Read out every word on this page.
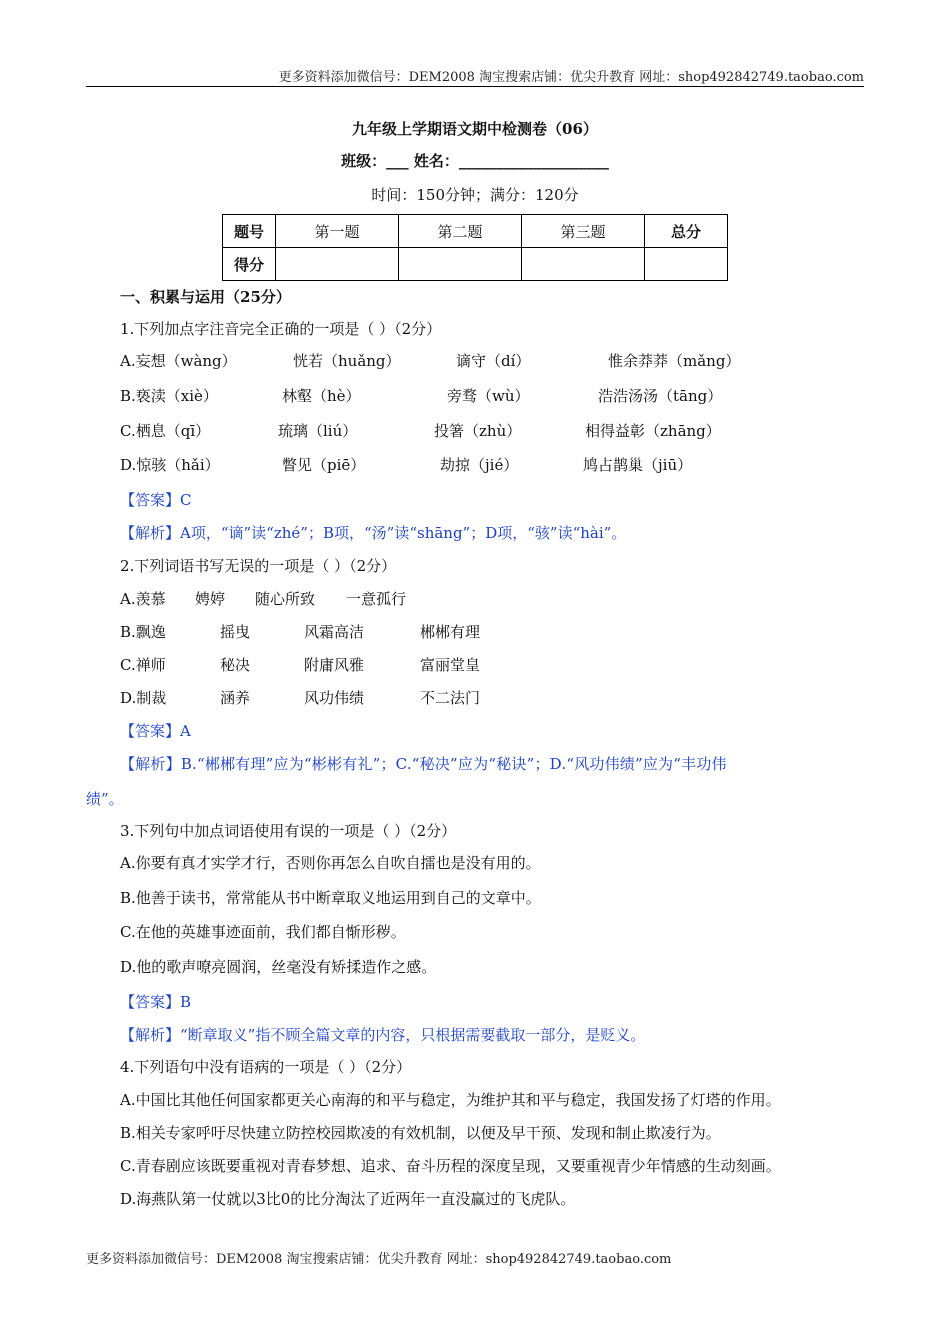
更多资料添加微信号：DEM2008 淘宝搜索店铺：优尖升教育 网址：shop492842749.taobao.com
九年级上学期语文期中检测卷（06）
班级：___ 姓名：____________________
时间：150分钟；满分：120分
题号	第一题	第二题	第三题	总分
得分				
一、积累与运用（25分）
1.下列加点字注音完全正确的一项是（ ）（2分）
A.妄想（wàng）	恍若（huǎng）	谪守（dí）	惟余莽莽（mǎng）
B.亵渎（xiè）	林壑（hè）	旁骛（wù）	浩浩汤汤（tāng）
C.栖息（qī）	琉璃（liú）	投箸（zhù）	相得益彰（zhāng）
D.惊骇（hǎi）	瞥见（piē）	劫掠（jié）	鸠占鹊巢（jiū）
【答案】C
【解析】A项，“谪”读“zhé”；B项，“汤”读“shāng”；D项，“骇”读“hài”。
2.下列词语书写无误的一项是（ ）（2分）
A.羡慕 娉婷 随心所致 一意孤行
B.飘逸	摇曳	风霜高洁	郴郴有理
C.禅师	秘决	附庸风雅	富丽堂皇
D.制裁	涵养	风功伟绩	不二法门
【答案】A
【解析】B.“郴郴有理”应为“彬彬有礼”；C.“秘决”应为“秘诀”；D.“风功伟绩”应为“丰功伟
绩”。
3.下列句中加点词语使用有误的一项是（ ）（2分）
A.你要有真才实学才行，否则你再怎么自吹自擂也是没有用的。
B.他善于读书，常常能从书中断章取义地运用到自己的文章中。
C.在他的英雄事迹面前，我们都自惭形秽。
D.他的歌声嘹亮圆润，丝毫没有矫揉造作之感。
【答案】B
【解析】“断章取义”指不顾全篇文章的内容，只根据需要截取一部分，是贬义。
4.下列语句中没有语病的一项是（ ）（2分）
A.中国比其他任何国家都更关心南海的和平与稳定，为维护其和平与稳定，我国发扬了灯塔的作用。
B.相关专家呼吁尽快建立防控校园欺凌的有效机制，以便及早干预、发现和制止欺凌行为。
C.青春剧应该既要重视对青春梦想、追求、奋斗历程的深度呈现，又要重视青少年情感的生动刻画。
D.海燕队第一仗就以3比0的比分淘汰了近两年一直没赢过的飞虎队。
更多资料添加微信号：DEM2008 淘宝搜索店铺：优尖升教育 网址：shop492842749.taobao.com
